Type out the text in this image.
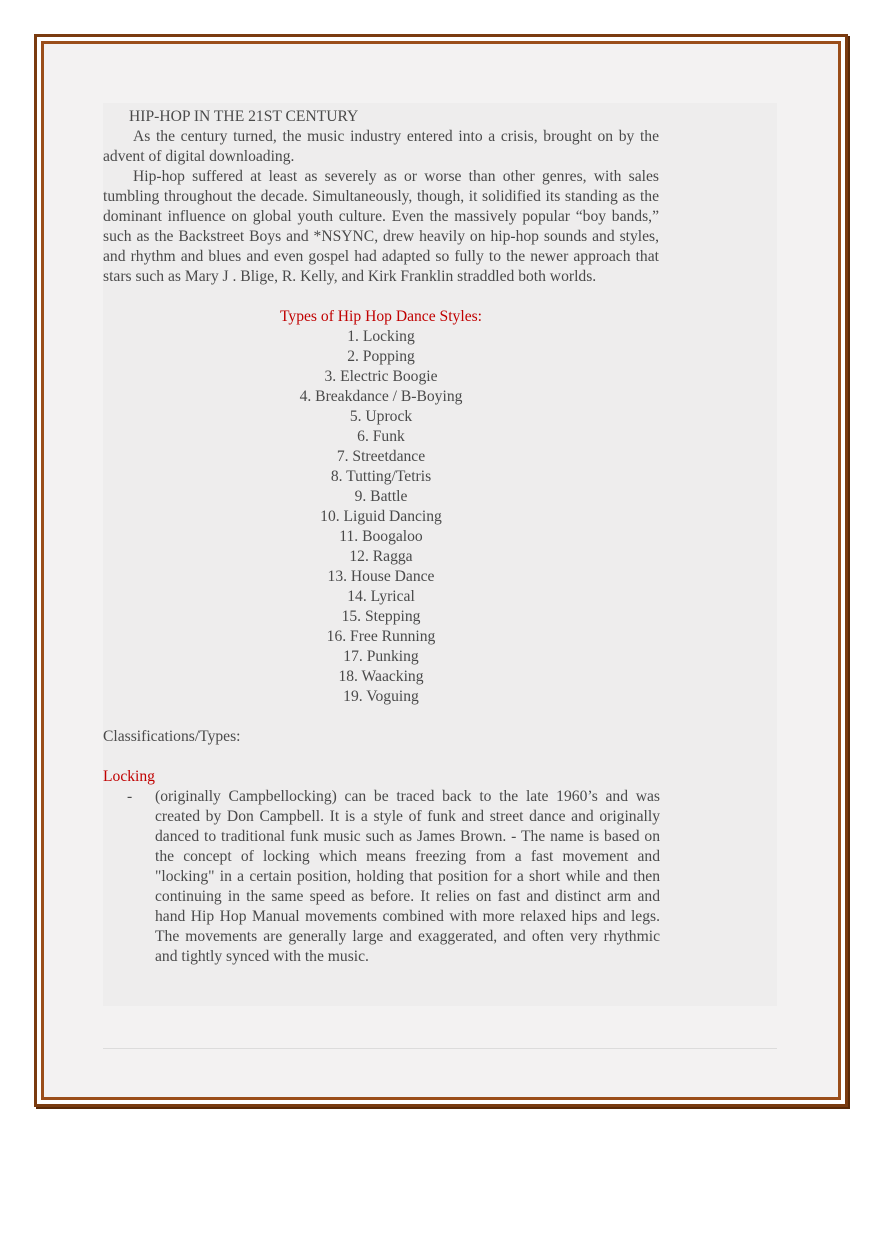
HIP-HOP IN THE 21ST CENTURY
As the century turned, the music industry entered into a crisis, brought on by the advent of digital downloading.
Hip-hop suffered at least as severely as or worse than other genres, with sales tumbling throughout the decade. Simultaneously, though, it solidified its standing as the dominant influence on global youth culture. Even the massively popular “boy bands,” such as the Backstreet Boys and *NSYNC, drew heavily on hip-hop sounds and styles, and rhythm and blues and even gospel had adapted so fully to the newer approach that stars such as Mary J . Blige, R. Kelly, and Kirk Franklin straddled both worlds.
Types of Hip Hop Dance Styles:
1. Locking
2. Popping
3. Electric Boogie
4. Breakdance / B-Boying
5. Uprock
6. Funk
7. Streetdance
8. Tutting/Tetris
9. Battle
10. Liguid Dancing
11. Boogaloo
12. Ragga
13. House Dance
14. Lyrical
15. Stepping
16. Free Running
17. Punking
18. Waacking
19. Voguing
Classifications/Types:
Locking
- (originally Campbellocking) can be traced back to the late 1960’s and was created by Don Campbell. It is a style of funk and street dance and originally danced to traditional funk music such as James Brown. - The name is based on the concept of locking which means freezing from a fast movement and "locking" in a certain position, holding that position for a short while and then continuing in the same speed as before. It relies on fast and distinct arm and hand Hip Hop Manual movements combined with more relaxed hips and legs. The movements are generally large and exaggerated, and often very rhythmic and tightly synced with the music.
